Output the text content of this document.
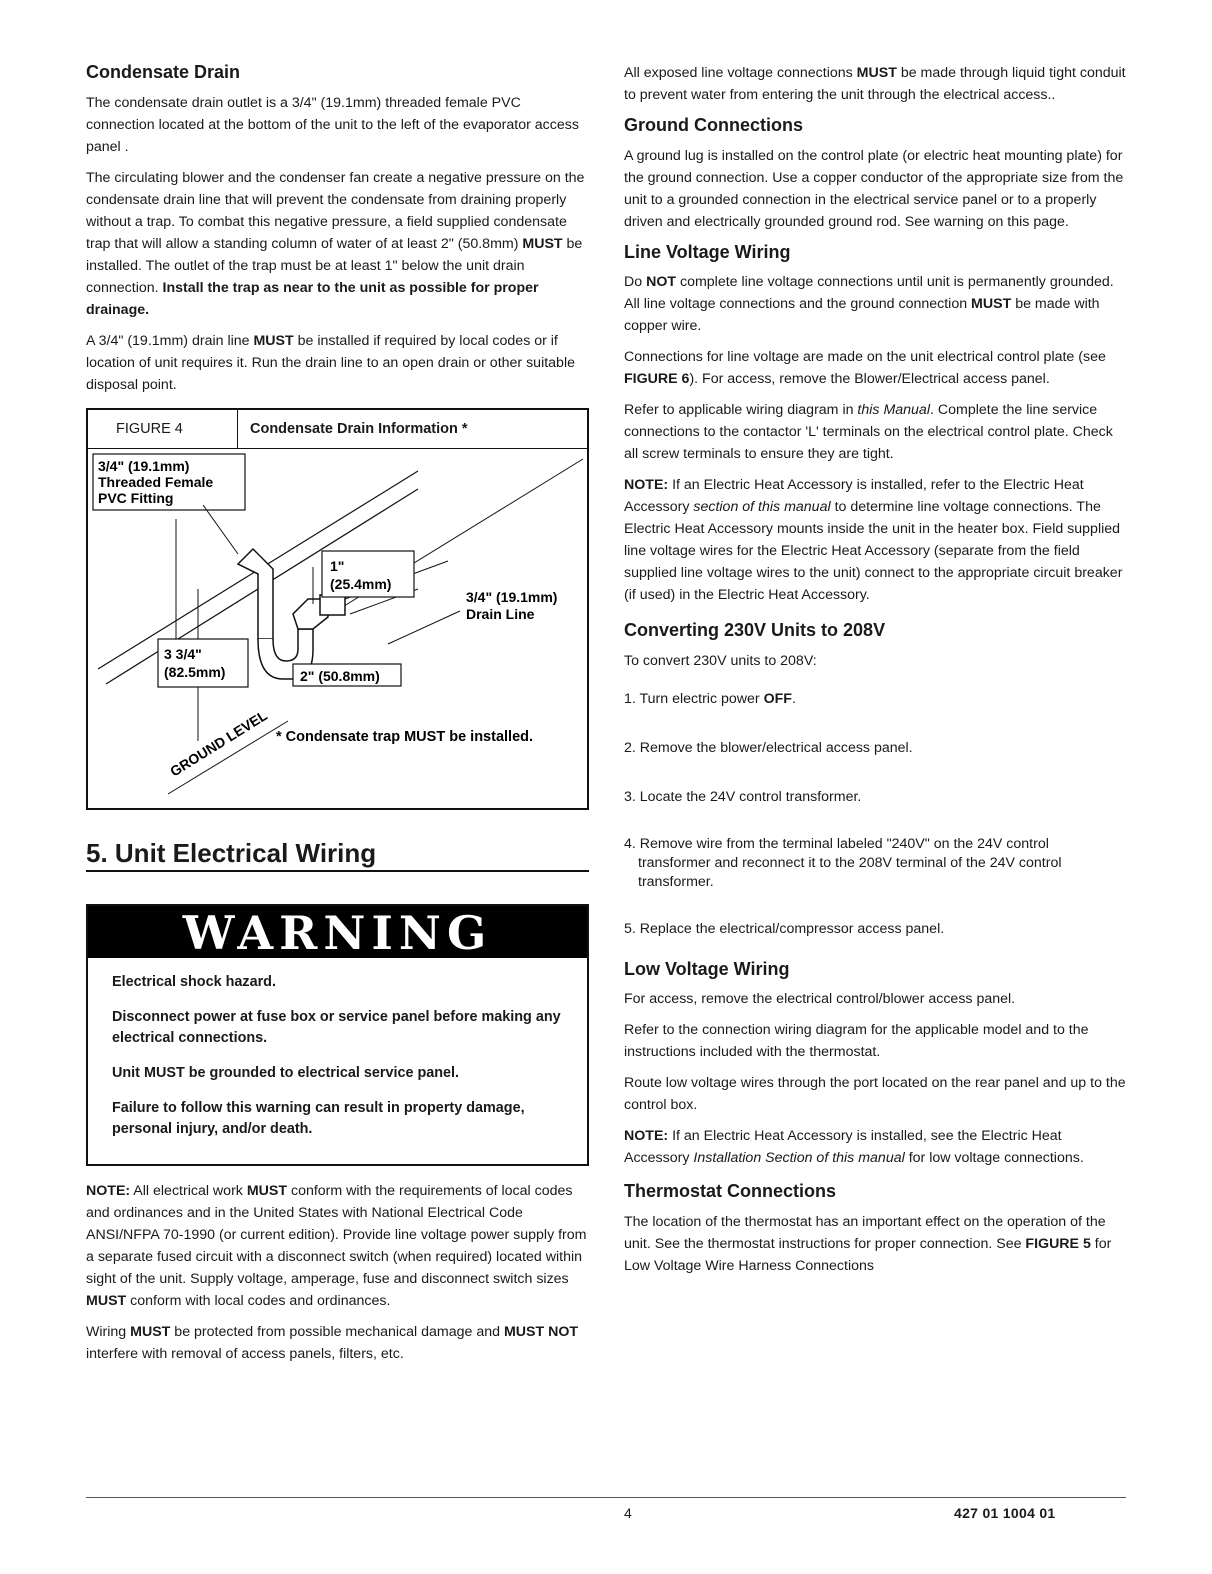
Condensate Drain

The condensate drain outlet is a 3/4" (19.1mm) threaded female PVC connection located at the bottom of the unit to the left of the evaporator access panel .

The circulating blower and the condenser fan create a negative pressure on the condensate drain line that will prevent the condensate from draining properly without a trap. To combat this negative pressure, a field supplied condensate trap that will allow a standing column of water of at least 2" (50.8mm) MUST be installed. The outlet of the trap must be at least 1" below the unit drain connection. Install the trap as near to the unit as possible for proper drainage.

A 3/4" (19.1mm) drain line MUST be installed if required by local codes or if location of unit requires it. Run the drain line to an open drain or other suitable disposal point.

FIGURE 4	Condensate Drain Information *
3/4" (19.1mm)
Threaded Female
PVC Fitting
1"
(25.4mm)
3/4" (19.1mm)
Drain Line
3 3/4"
(82.5mm)	2" (50.8mm)
GROUND LEVEL * Condensate trap MUST be installed.
5. Unit Electrical Wiring
WARNING

Electrical shock hazard.

Disconnect power at fuse box or service panel before making any electrical connections.

Unit MUST be grounded to electrical service panel.

Failure to follow this warning can result in property damage, personal injury, and/or death.

NOTE: All electrical work MUST conform with the requirements of local codes and ordinances and in the United States with National Electrical Code ANSI/NFPA 70-1990 (or current edition). Provide line voltage power supply from a separate fused circuit with a disconnect switch (when required) located within sight of the unit. Supply voltage, amperage, fuse and disconnect switch sizes MUST conform with local codes and ordinances.

Wiring MUST be protected from possible mechanical damage and MUST NOT interfere with removal of access panels, filters, etc.

All exposed line voltage connections MUST be made through liquid tight conduit to prevent water from entering the unit through the electrical access..

Ground Connections

A ground lug is installed on the control plate (or electric heat mounting plate) for the ground connection. Use a copper conductor of the appropriate size from the unit to a grounded connection in the electrical service panel or to a properly driven and electrically grounded ground rod. See warning on this page.

Line Voltage Wiring

Do NOT complete line voltage connections until unit is permanently grounded. All line voltage connections and the ground connection MUST be made with copper wire.

Connections for line voltage are made on the unit electrical control plate (see FIGURE 6). For access, remove the Blower/Electrical access panel.

Refer to applicable wiring diagram in this Manual. Complete the line service connections to the contactor 'L' terminals on the electrical control plate. Check all screw terminals to ensure they are tight.

NOTE: If an Electric Heat Accessory is installed, refer to the Electric Heat Accessory section of this manual to determine line voltage connections. The Electric Heat Accessory mounts inside the unit in the heater box. Field supplied line voltage wires for the Electric Heat Accessory (separate from the field supplied line voltage wires to the unit) connect to the appropriate circuit breaker (if used) in the Electric Heat Accessory.

Converting 230V Units to 208V

To convert 230V units to 208V:

1. Turn electric power OFF.

2. Remove the blower/electrical access panel.

3. Locate the 24V control transformer.

4. Remove wire from the terminal labeled "240V" on the 24V control

transformer and reconnect it to the 208V terminal of the 24V control

transformer.

5. Replace the electrical/compressor access panel.

Low Voltage Wiring

For access, remove the electrical control/blower access panel.

Refer to the connection wiring diagram for the applicable model and to the instructions included with the thermostat.

Route low voltage wires through the port located on the rear panel and up to the control box.

NOTE: If an Electric Heat Accessory is installed, see the Electric Heat Accessory Installation Section of this manual for low voltage connections.

Thermostat Connections

The location of the thermostat has an important effect on the operation of the unit. See the thermostat instructions for proper connection. See FIGURE 5 for Low Voltage Wire Harness Connections

4	427 01 1004 01
